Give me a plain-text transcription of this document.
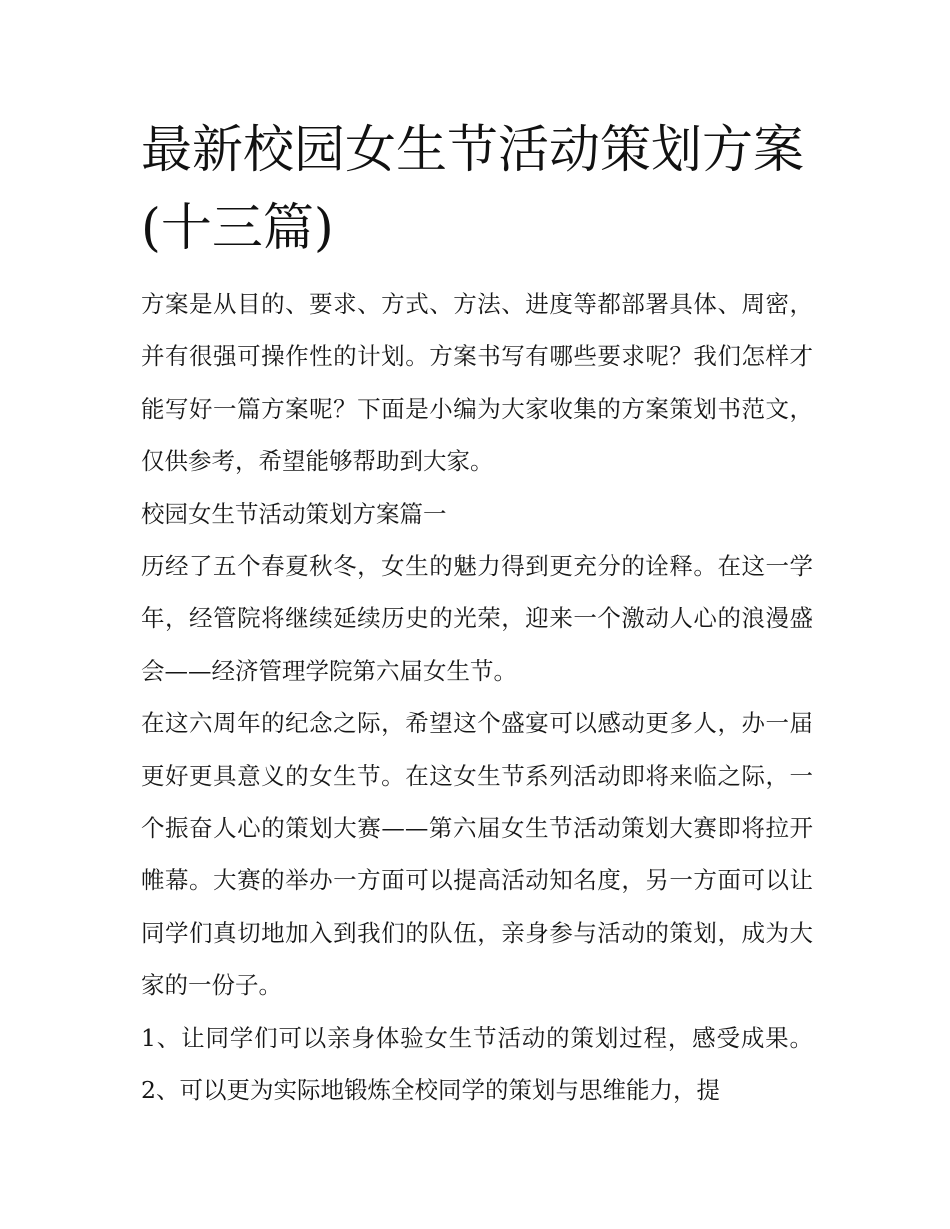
最新校园女生节活动策划方案(十三篇)

方案是从目的、要求、方式、方法、进度等都部署具体、周密，并有很强可操作性的计划。方案书写有哪些要求呢？我们怎样才能写好一篇方案呢？下面是小编为大家收集的方案策划书范文，仅供参考，希望能够帮助到大家。

校园女生节活动策划方案篇一

历经了五个春夏秋冬，女生的魅力得到更充分的诠释。在这一学年，经管院将继续延续历史的光荣，迎来一个激动人心的浪漫盛会——经济管理学院第六届女生节。

在这六周年的纪念之际，希望这个盛宴可以感动更多人，办一届更好更具意义的女生节。在这女生节系列活动即将来临之际，一个振奋人心的策划大赛——第六届女生节活动策划大赛即将拉开帷幕。大赛的举办一方面可以提高活动知名度，另一方面可以让同学们真切地加入到我们的队伍，亲身参与活动的策划，成为大家的一份子。

1、让同学们可以亲身体验女生节活动的策划过程，感受成果。 2、可以更为实际地锻炼全校同学的策划与思维能力，提
